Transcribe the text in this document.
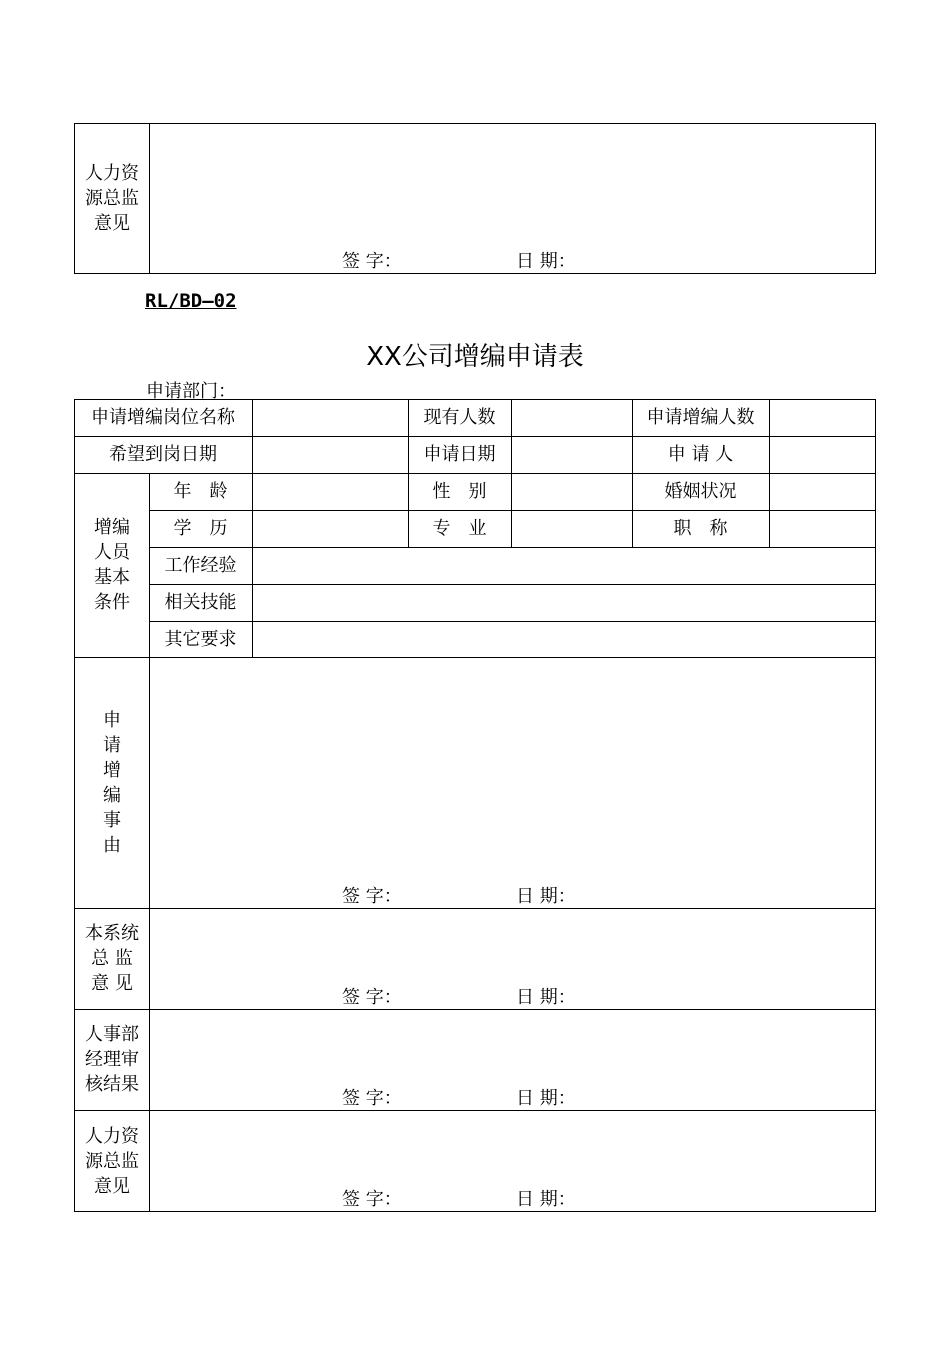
人力资
源总监
意见
签 字：	日 期：
RL/BD—02
XX公司增编申请表
申请部门：
申请增编岗位名称	现有人数	申请增编人数
希望到岗日期	申请日期	申 请 人
增编
人员
基本
条件
年　龄	性　别	婚姻状况
学　历	专　业	职　称
工作经验
相关技能
其它要求
申
请
增
编
事
由
签 字：	日 期：
本系统
总 监
意 见
签 字：	日 期：
人事部
经理审
核结果
签 字：	日 期：
人力资
源总监
意见
签 字：	日 期：
